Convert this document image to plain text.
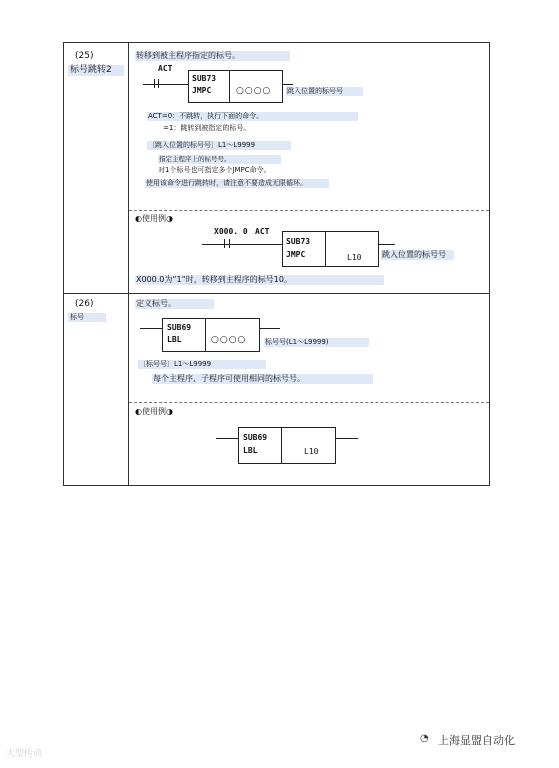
(25)
标号跳转2
转移到被主程序指定的标号。
ACT
SUB73
JMPC	○○○○ 跳入位置的标号号
ACT=0：不跳转，执行下面的命令。
=1：跳转到被指定的标号。
〔跳入位置的标号号〕L1～L9999
指定主程序上的标号号。
对1个标号也可指定多个JMPC命令。
使用该命令进行跳转时，请注意不要造成无限循环。
◐使用例◑
X000. 0 ACT
SUB73
JMPC	L10	跳入位置的标号号
X000.0为“1”时，转移到主程序的标号10。
(26)
标号
定义标号。
SUB69
LBL	○○○○	标号号(L1～L9999)
〔标号号〕L1～L9999
每个主程序、子程序可使用相同的标号号。
◐使用例◑
SUB69
LBL	L10
大型传动
◔ 上海显盟自动化
